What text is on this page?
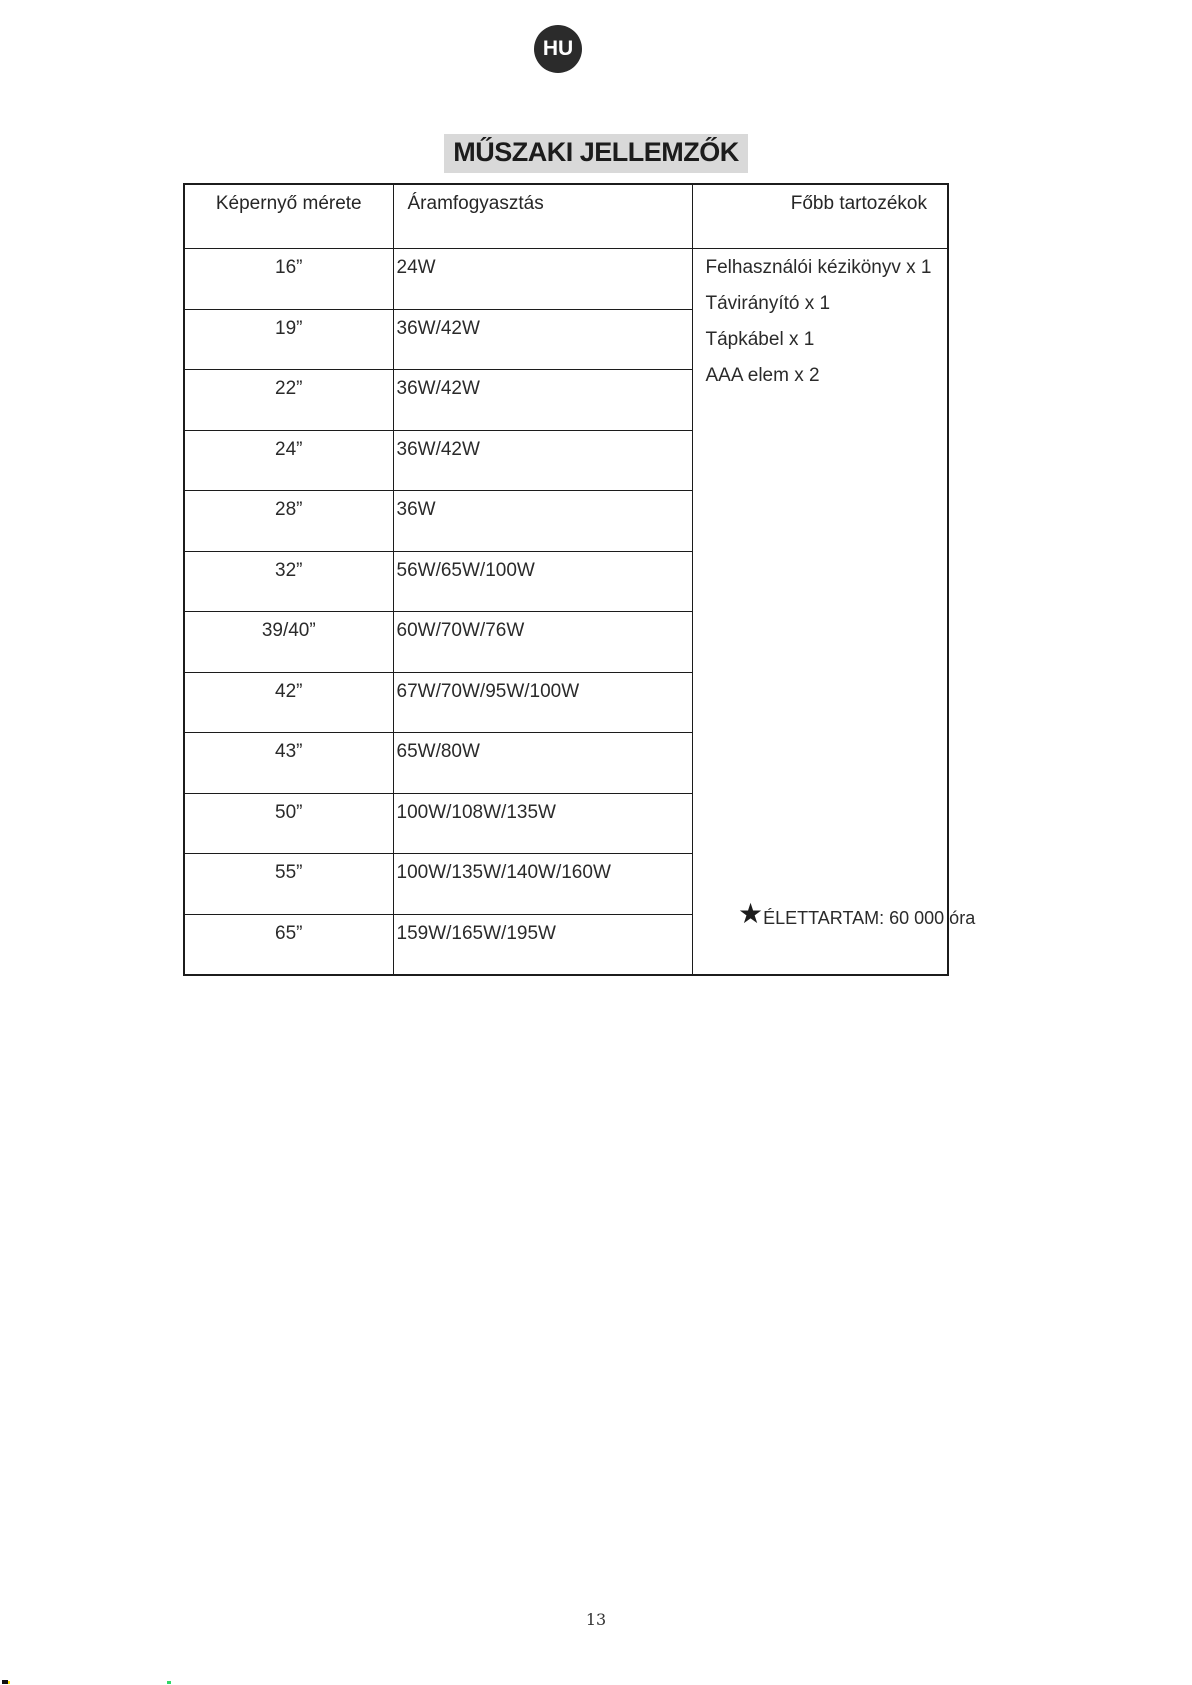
HU
MŰSZAKI JELLEMZŐK
Képernyő mérete	Áramfogyasztás	Főbb tartozékok
16”	24W	Felhasználói kézikönyv x 1
Távirányító x 1
Tápkábel x 1
AAA elem x 2

19”	36W/42W	
22”	36W/42W	
24”	36W/42W	
28”	36W	
32”	56W/65W/100W	
39/40”	60W/70W/76W	
42”	67W/70W/95W/100W	
43”	65W/80W	
50”	100W/108W/135W	
55”	100W/135W/140W/160W	
65”	159W/165W/195W	
★ ÉLETTARTAM: 60 000 óra
13
